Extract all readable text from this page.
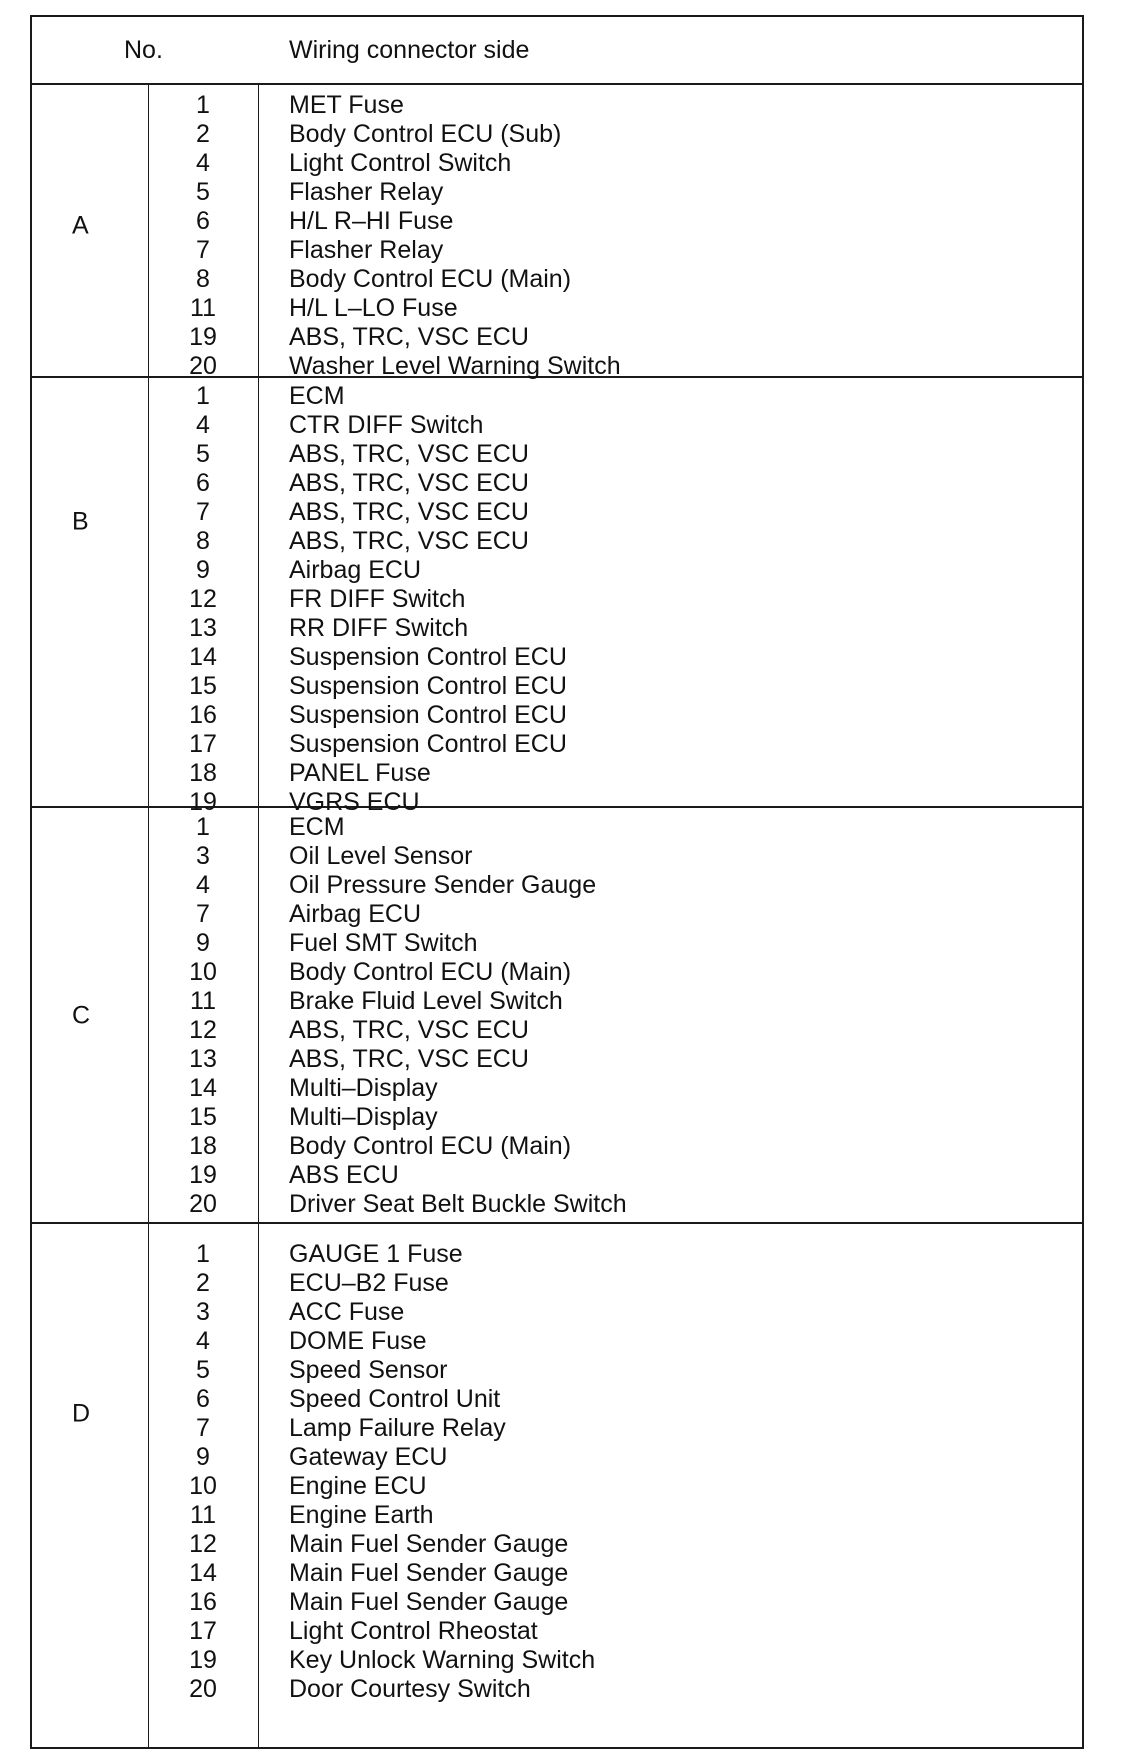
No.	Wiring connector side
A
1	MET Fuse
2	Body Control ECU (Sub)
4	Light Control Switch
5	Flasher Relay
6	H/L R–HI Fuse
7	Flasher Relay
8	Body Control ECU (Main)
11	H/L L–LO Fuse
19	ABS, TRC, VSC ECU
20	Washer Level Warning Switch
B
1	ECM
4	CTR DIFF Switch
5	ABS, TRC, VSC ECU
6	ABS, TRC, VSC ECU
7	ABS, TRC, VSC ECU
8	ABS, TRC, VSC ECU
9	Airbag ECU
12	FR DIFF Switch
13	RR DIFF Switch
14	Suspension Control ECU
15	Suspension Control ECU
16	Suspension Control ECU
17	Suspension Control ECU
18	PANEL Fuse
19	VGRS ECU
C
1	ECM
3	Oil Level Sensor
4	Oil Pressure Sender Gauge
7	Airbag ECU
9	Fuel SMT Switch
10	Body Control ECU (Main)
11	Brake Fluid Level Switch
12	ABS, TRC, VSC ECU
13	ABS, TRC, VSC ECU
14	Multi–Display
15	Multi–Display
18	Body Control ECU (Main)
19	ABS ECU
20	Driver Seat Belt Buckle Switch
D
1	GAUGE 1 Fuse
2	ECU–B2 Fuse
3	ACC Fuse
4	DOME Fuse
5	Speed Sensor
6	Speed Control Unit
7	Lamp Failure Relay
9	Gateway ECU
10	Engine ECU
11	Engine Earth
12	Main Fuel Sender Gauge
14	Main Fuel Sender Gauge
16	Main Fuel Sender Gauge
17	Light Control Rheostat
19	Key Unlock Warning Switch
20	Door Courtesy Switch
